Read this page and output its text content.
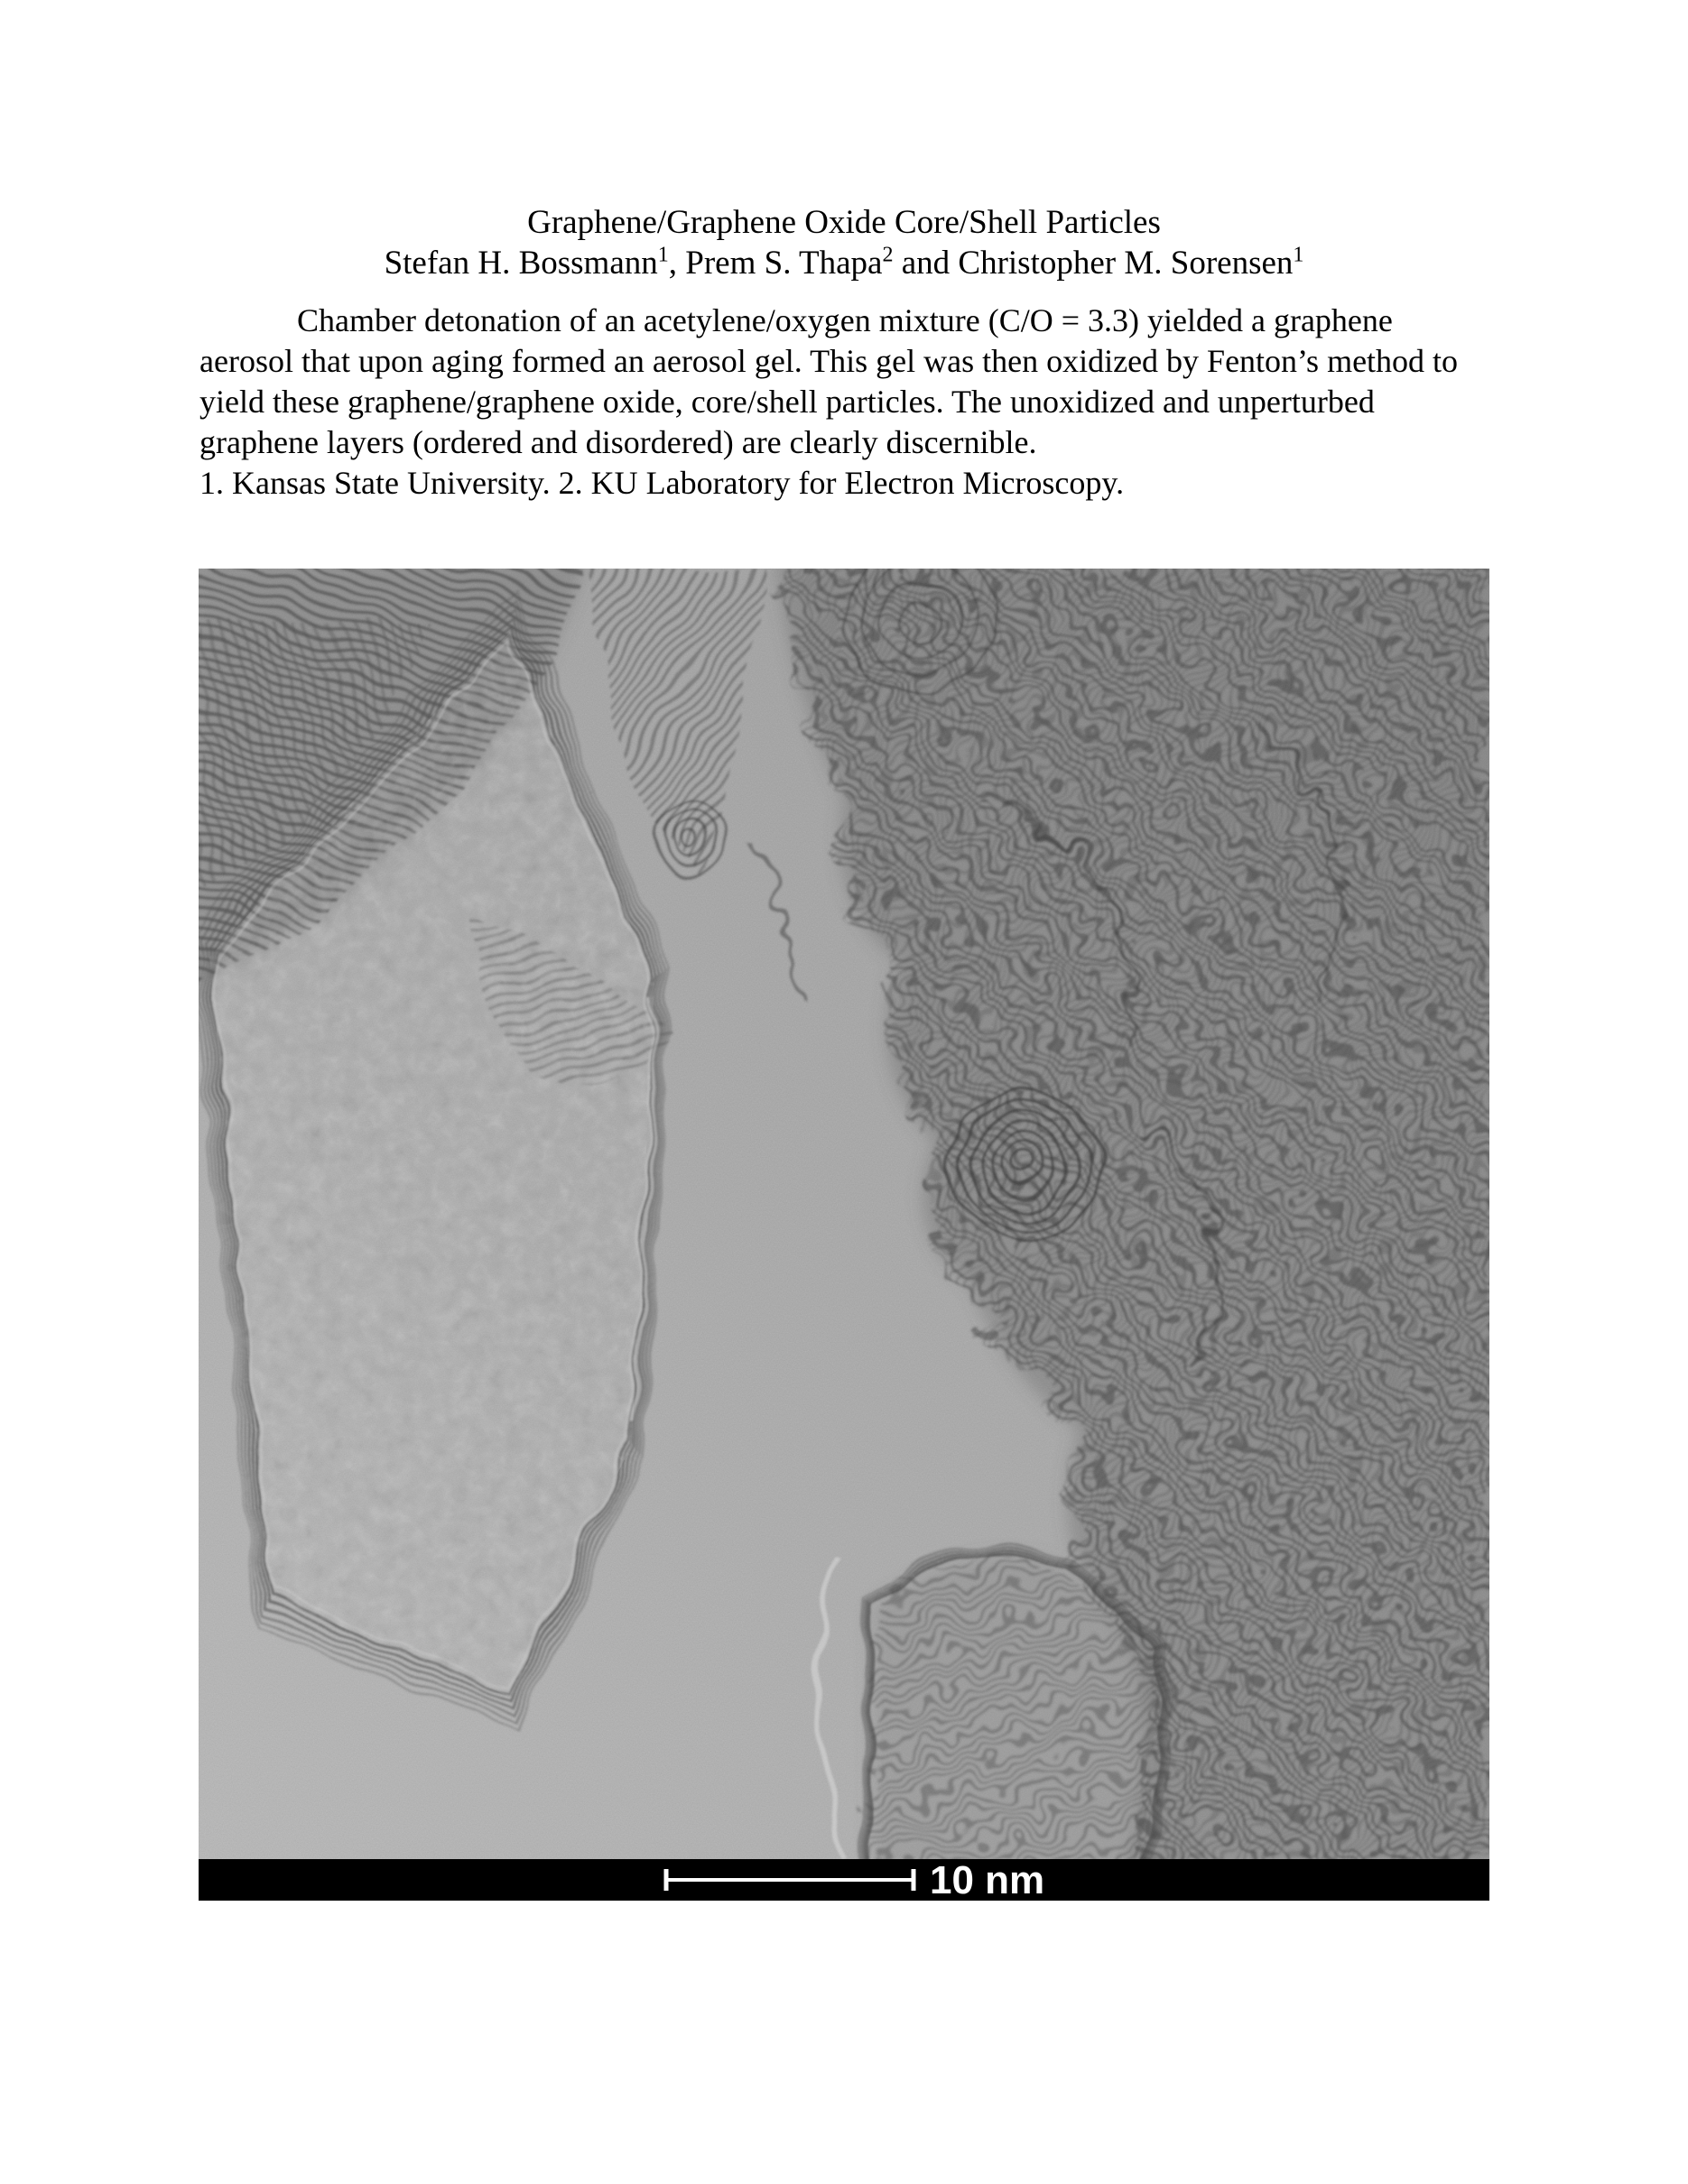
Graphene/Graphene Oxide Core/Shell Particles
Stefan H. Bossmann$^1$, Prem S. Thapa$^2$ and Christopher M. Sorensen$^1$

Chamber detonation of an acetylene/oxygen mixture (C/O = 3.3) yielded a graphene aerosol that upon aging formed an aerosol gel. This gel was then oxidized by Fenton’s method to yield these graphene/graphene oxide, core/shell particles. The unoxidized and unperturbed graphene layers (ordered and disordered) are clearly discernible.

1. Kansas State University. 2. KU Laboratory for Electron Microscopy.

10 nm
